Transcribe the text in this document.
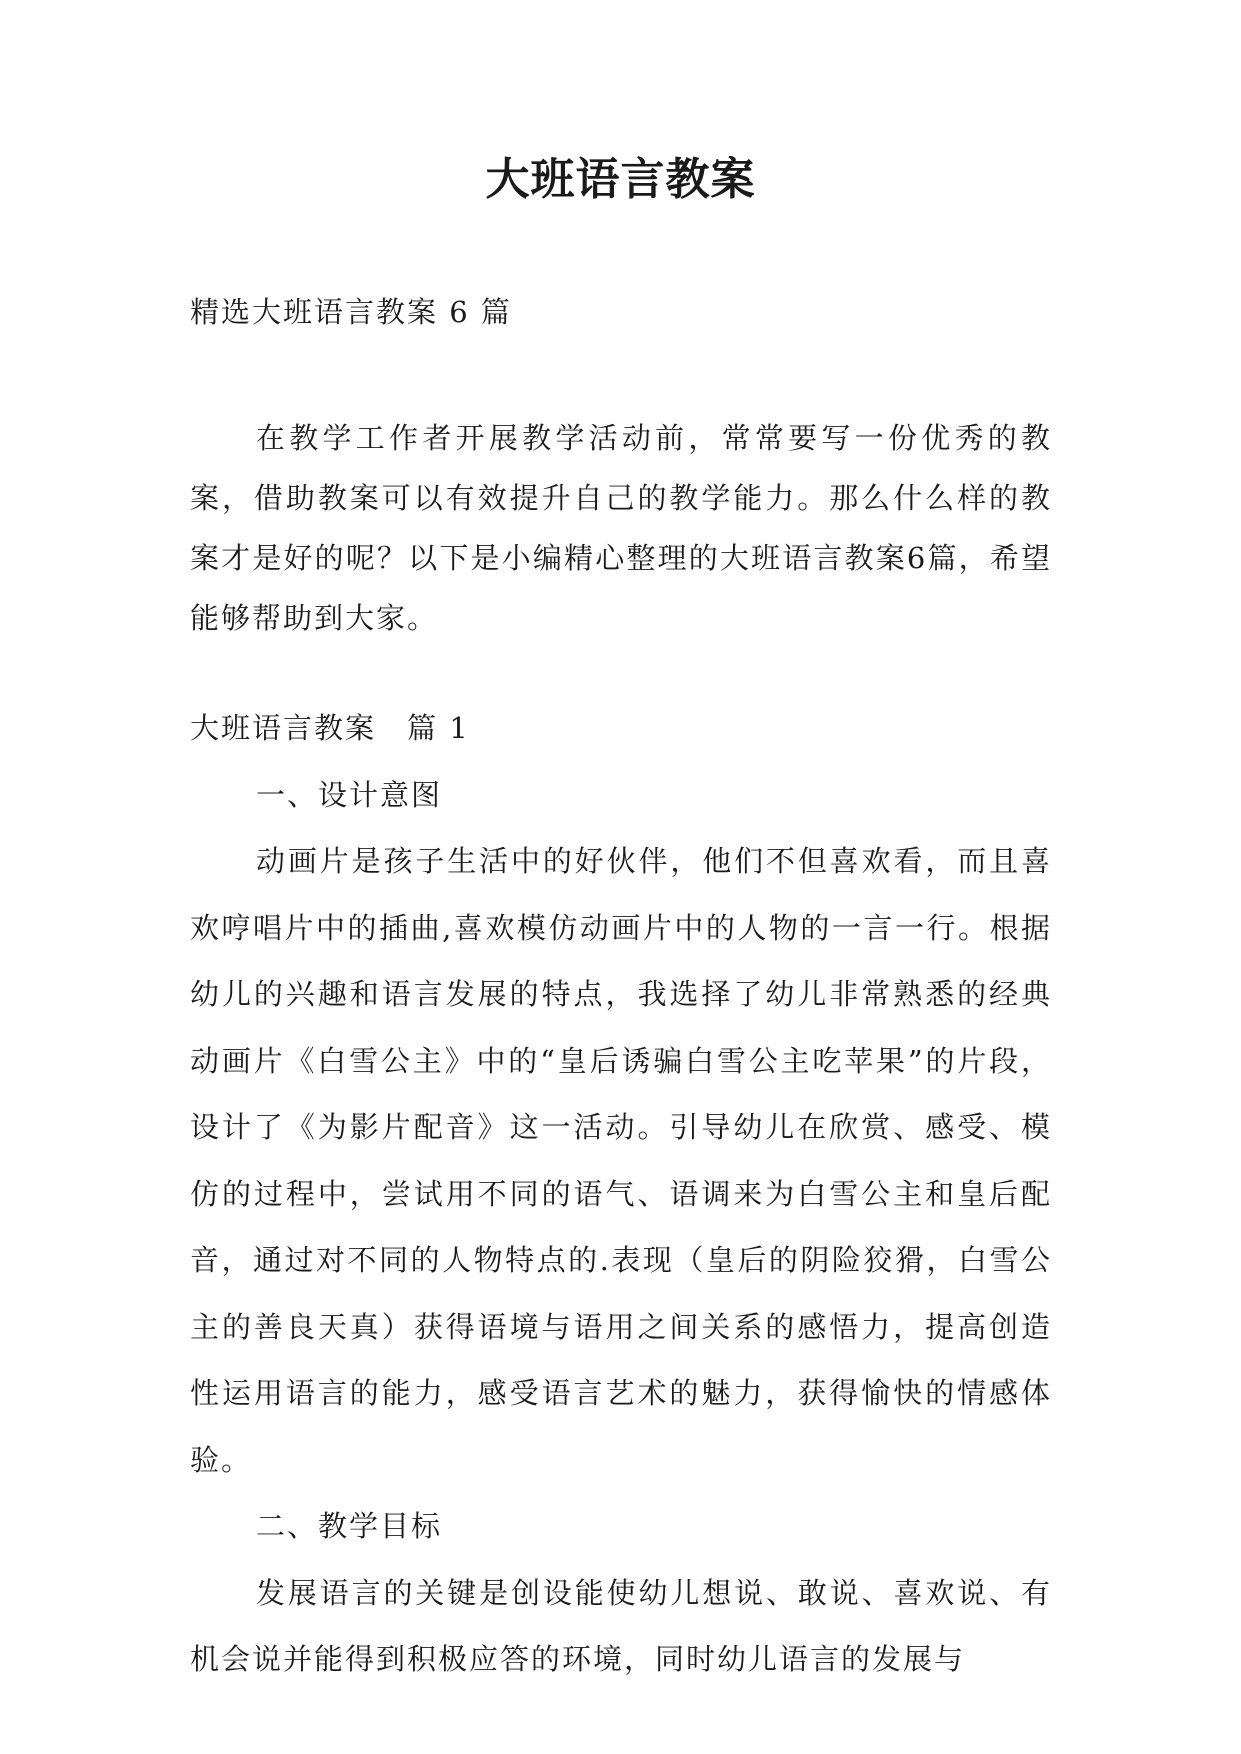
大班语言教案
精选大班语言教案 6 篇

在教学工作者开展教学活动前，常常要写一份优秀的教案，借助教案可以有效提升自己的教学能力。那么什么样的教案才是好的呢？以下是小编精心整理的大班语言教案6篇，希望能够帮助到大家。

大班语言教案　篇 1

一、设计意图

动画片是孩子生活中的好伙伴，他们不但喜欢看，而且喜欢哼唱片中的插曲,喜欢模仿动画片中的人物的一言一行。根据幼儿的兴趣和语言发展的特点，我选择了幼儿非常熟悉的经典动画片《白雪公主》中的“皇后诱骗白雪公主吃苹果”的片段，设计了《为影片配音》这一活动。引导幼儿在欣赏、感受、模仿的过程中，尝试用不同的语气、语调来为白雪公主和皇后配音，通过对不同的人物特点的.表现（皇后的阴险狡猾，白雪公主的善良天真）获得语境与语用之间关系的感悟力，提高创造性运用语言的能力，感受语言艺术的魅力，获得愉快的情感体验。

二、教学目标

发展语言的关键是创设能使幼儿想说、敢说、喜欢说、有机会说并能得到积极应答的环境，同时幼儿语言的发展与
